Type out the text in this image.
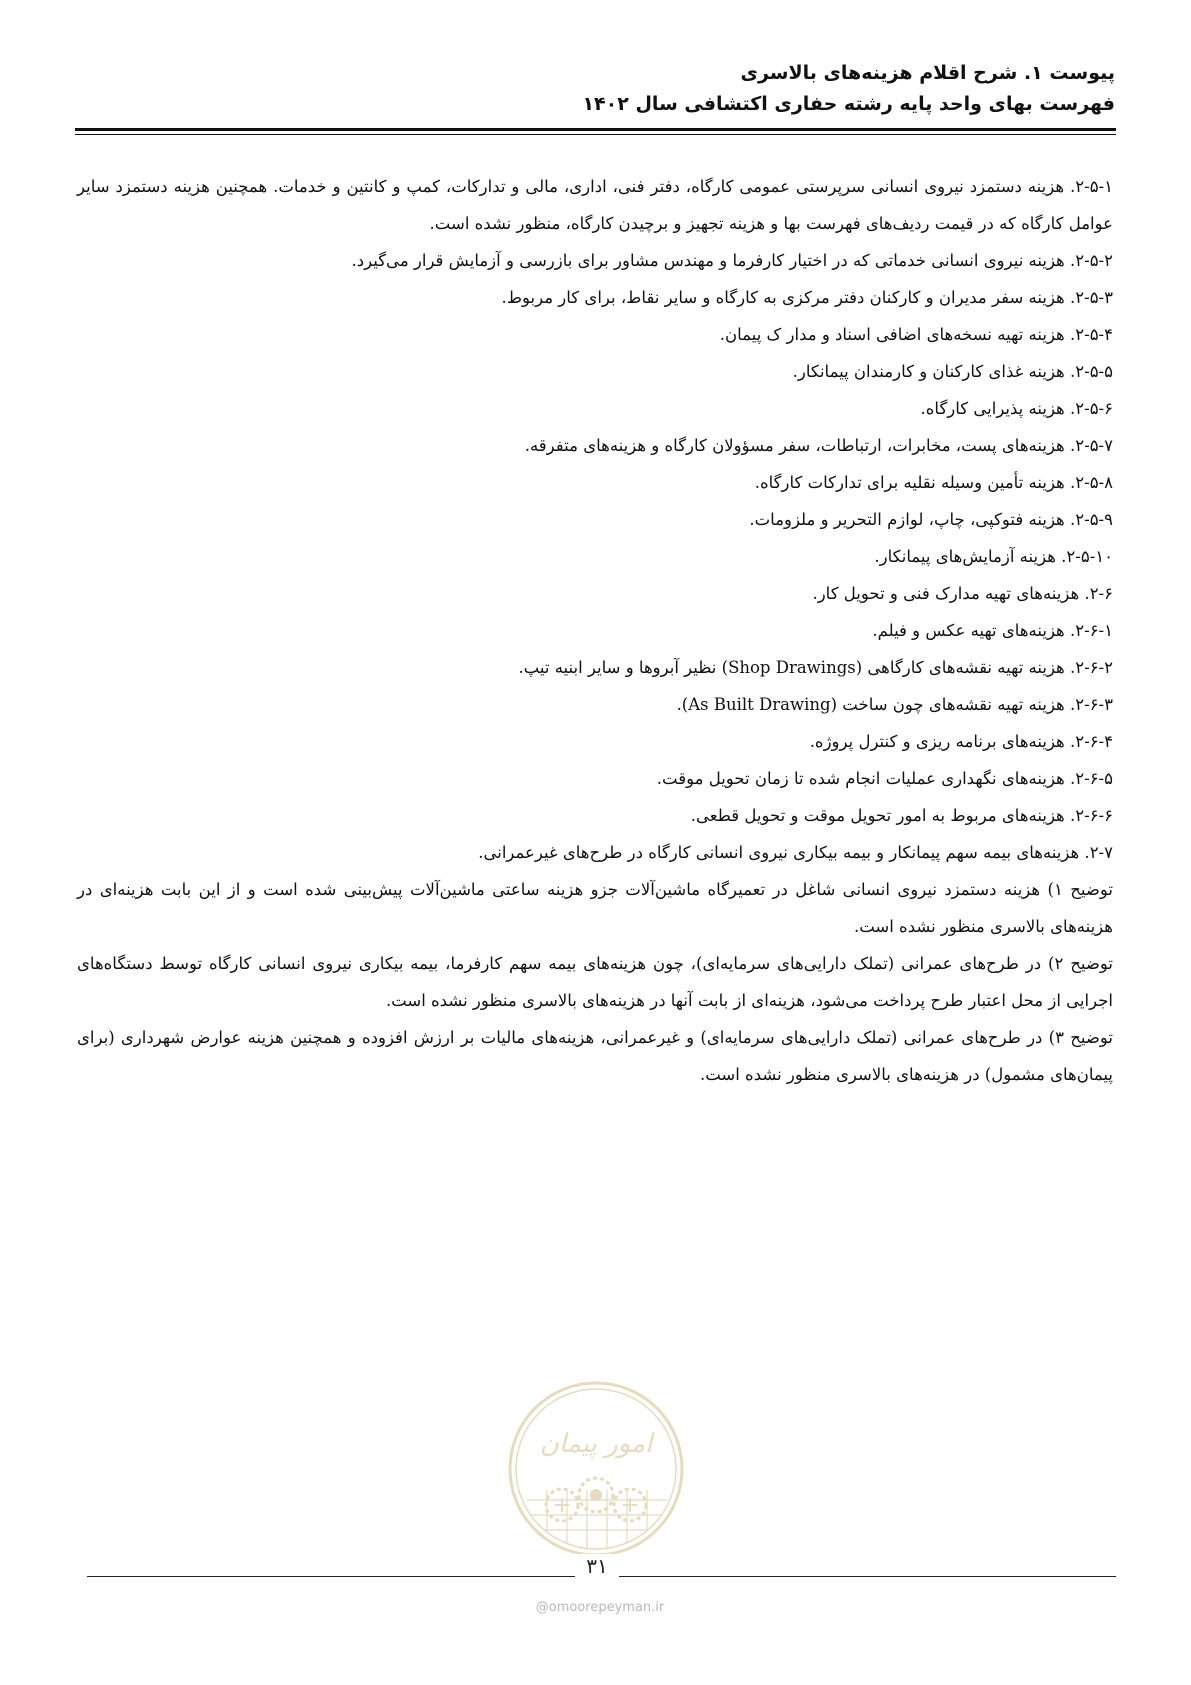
پیوست ۱. شرح اقلام هزینه‌های بالاسری
فهرست بهای واحد پایه رشته حفاری اکتشافی سال ۱۴۰۲

۲-۵-۱. هزینه دستمزد نیروی انسانی سرپرستی عمومی کارگاه، دفتر فنی، اداری، مالی و تدارکات، کمپ و کانتین و خدمات. همچنین هزینه دستمزد سایر عوامل کارگاه که در قیمت ردیف‌های فهرست بها و هزینه تجهیز و برچیدن کارگاه، منظور نشده است.

۲-۵-۲. هزینه نیروی انسانی خدماتی که در اختیار کارفرما و مهندس مشاور برای بازرسی و آزمایش قرار می‌گیرد.

۲-۵-۳. هزینه سفر مدیران و کارکنان دفتر مرکزی به کارگاه و سایر نقاط، برای کار مربوط.

۲-۵-۴. هزینه تهیه نسخه‌های اضافی اسناد و مدار ک پیمان.

۲-۵-۵. هزینه غذای کارکنان و کارمندان پیمانکار.

۲-۵-۶. هزینه پذیرایی کارگاه.

۲-۵-۷. هزینه‌های پست، مخابرات، ارتباطات، سفر مسؤولان کارگاه و هزینه‌های متفرقه.

۲-۵-۸. هزینه تأمین وسیله نقلیه برای تدارکات کارگاه.

۲-۵-۹. هزینه فتوکپی، چاپ، لوازم التحریر و ملزومات.

۲-۵-۱۰. هزینه آزمایش‌های پیمانکار.

۲-۶. هزینه‌های تهیه مدارک فنی و تحویل کار.

۲-۶-۱. هزینه‌های تهیه عکس و فیلم.

۲-۶-۲. هزینه تهیه نقشه‌های کارگاهی (Shop Drawings) نظیر آبروها و سایر ابنیه تیپ.

۲-۶-۳. هزینه تهیه نقشه‌های چون ساخت (As Built Drawing).

۲-۶-۴. هزینه‌های برنامه ریزی و کنترل پروژه.

۲-۶-۵. هزینه‌های نگهداری عملیات انجام شده تا زمان تحویل موقت.

۲-۶-۶. هزینه‌های مربوط به امور تحویل موقت و تحویل قطعی.

۲-۷. هزینه‌های بیمه سهم پیمانکار و بیمه بیکاری نیروی انسانی کارگاه در طرح‌های غیرعمرانی.

توضیح ۱) هزینه دستمزد نیروی انسانی شاغل در تعمیرگاه ماشین‌آلات جزو هزینه ساعتی ماشین‌آلات پیش‌بینی شده است و از این بابت هزینه‌ای در هزینه‌های بالاسری منظور نشده است.

توضیح ۲) در طرح‌های عمرانی (تملک دارایی‌های سرمایه‌ای)، چون هزینه‌های بیمه سهم کارفرما، بیمه بیکاری نیروی انسانی کارگاه توسط دستگاه‌های اجرایی از محل اعتبار طرح پرداخت می‌شود، هزینه‌ای از بابت آنها در هزینه‌های بالاسری منظور نشده است.

توضیح ۳) در طرح‌های عمرانی (تملک دارایی‌های سرمایه‌ای) و غیرعمرانی، هزینه‌های مالیات بر ارزش افزوده و همچنین هزینه عوارض شهرداری (برای پیمان‌های مشمول) در هزینه‌های بالاسری منظور نشده است.

امور پیمان
۳۱
@omoorepeyman.ir
